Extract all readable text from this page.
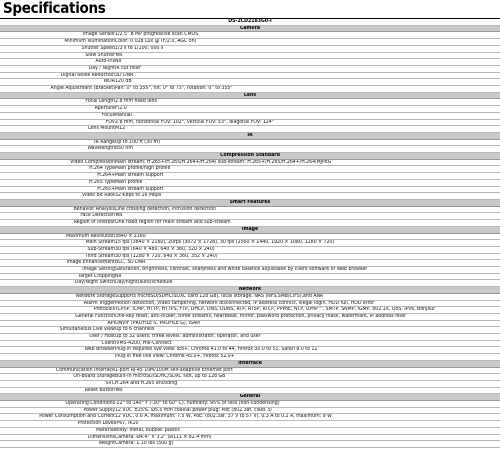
Specifications
DS-2CD2183G0-I	
Camera	
Image Sensor	1/2.5" 8 MP progressive scan CMOS
Minimum Illumination	Color: 0.028 Lux @ (F/2.0, AGC on)
Shutter Speed	1/3 s to 1/100, 000 s
Slow Shutter	Yes
Auto-iris	No
Day / Night	IR cut filter
Digital Noise Reduction	3D DNR
WDR	120 dB
Angle Adjustment (Bracket)	Pan: 0° to 355°, tilt: 0° to 75°, rotation: 0° to 355°
Lens	
Focal Length	2.8 mm fixed lens
Aperture	F/2.0
Focus	Manual
FOV	2.8 mm, horizontal FOV: 102°, vertical FOV: 53°, diagonal FOV: 124°
Lens Mount	M12
IR	
IR Range	Up to 100 ft (30 m)
Wavelength	850 nm
Compression Standard	
Video Compression	Main stream: H.265+/H.265/H.264+/H.264/ sub-stream: H.265+/H.265/H.264+/H.264/MJPEG
H.264 Type	Main profile/high profile
H.264+	Main stream support
H.265 Type	Main profile
H.265+	Main stream support
Video Bit Rate	32 Kbps to 16 Mbps
Smart Features	
Behavior Analysis	Line crossing detection, intrusion detection
Face Detection	Yes
Region of interest	One fixed region for main stream and sub-stream
Image	
Maximum Resolution	3840 × 2160
Main Stream	15 fps (3840 × 2160), 20fps (3072 × 1728), 30 fps (2560 × 1440, 1920 × 1080, 1280 × 720)
Sub-Stream	30 fps (640 × 480, 640 × 360, 320 × 240)
Third Stream	30 fps (1280 × 720, 640 × 360, 352 × 240)
Image Enhancement	BLC, 3D DNR
Image Setting	Saturation, brightness, contrast, sharpness and white balance adjustable by client software or Web browser
Target Cropping	No
Day/Night Switch	Day/night/auto/schedule
Network	
Network Storage	Supports microSD/SDHC/SDXC card 128 GB), local storage, NAS (NFS,SMB/CIFS),and ANR
Alarm Trigger	Motion detection, video tampering, network disconnected, IP address conflict, illegal login, HDD full, HDD error
Protocols	TCP/IP, ICMP, HTTP, HTTPS, FTP, DHCP, DNS, DDNS, RTP, RTSP, RTCP, PPPoE, NTP, UPnP™, SMTP, SNMP, IGMP, 802.1X, QoS, IPv6, Bonjour
General Function	One-key reset, anti-flicker, three streams, heartbeat, mirror, password protection, privacy mask, watermark, IP address filter
API	ONVIF (PROFILE S, PROFILE G), ISAPI
Simultaneous Live View	Up to 6 channels
User / Host	Up to 32 users; three levels: administrator, operator, and user
Client	iVMS-4200, Hik-Connect
Web Browser	Plug-in required live view: IE8+, Chrome 41.0 to 44, Firefox 30.0 to 51, Safari 8.0 to 11
	Plug-in free live view: Chrome 45.0+, Firefox 52.0+
Interface	
Communication Interface	1-port RJ-45 10M/100M self-adaptive Ethernet port
On-Board Storage	Built-in microSD/SDHC/SDXC slot, up to 128 GB
SVC	H.264 and H.265 encoding
Reset Button	Yes
General	
Operating Conditions	-22° to 140° F (-30° to 60° C), humidity: 95% or less (non-condensing)
Power Supply	12 VDC ±25%, Ø5.5 mm coaxial power plug; PoE (802.3af, class 3)
Power Consumption and Current	12 VDC, 0.6 A, maximum: 7.5 W, PoE: (802.3af, 37 V to 57 V), 0.3 A to 0.2 A, maximum: 9 W
Protection Level	IP67, IK10
Material	Body: metal, bubble: plastic
Dimensions	Camera: Ø4.4" × 3.2" (Ø111 × 82.4 mm)
Weight	Camera: 1.10 lbs (500 g)
